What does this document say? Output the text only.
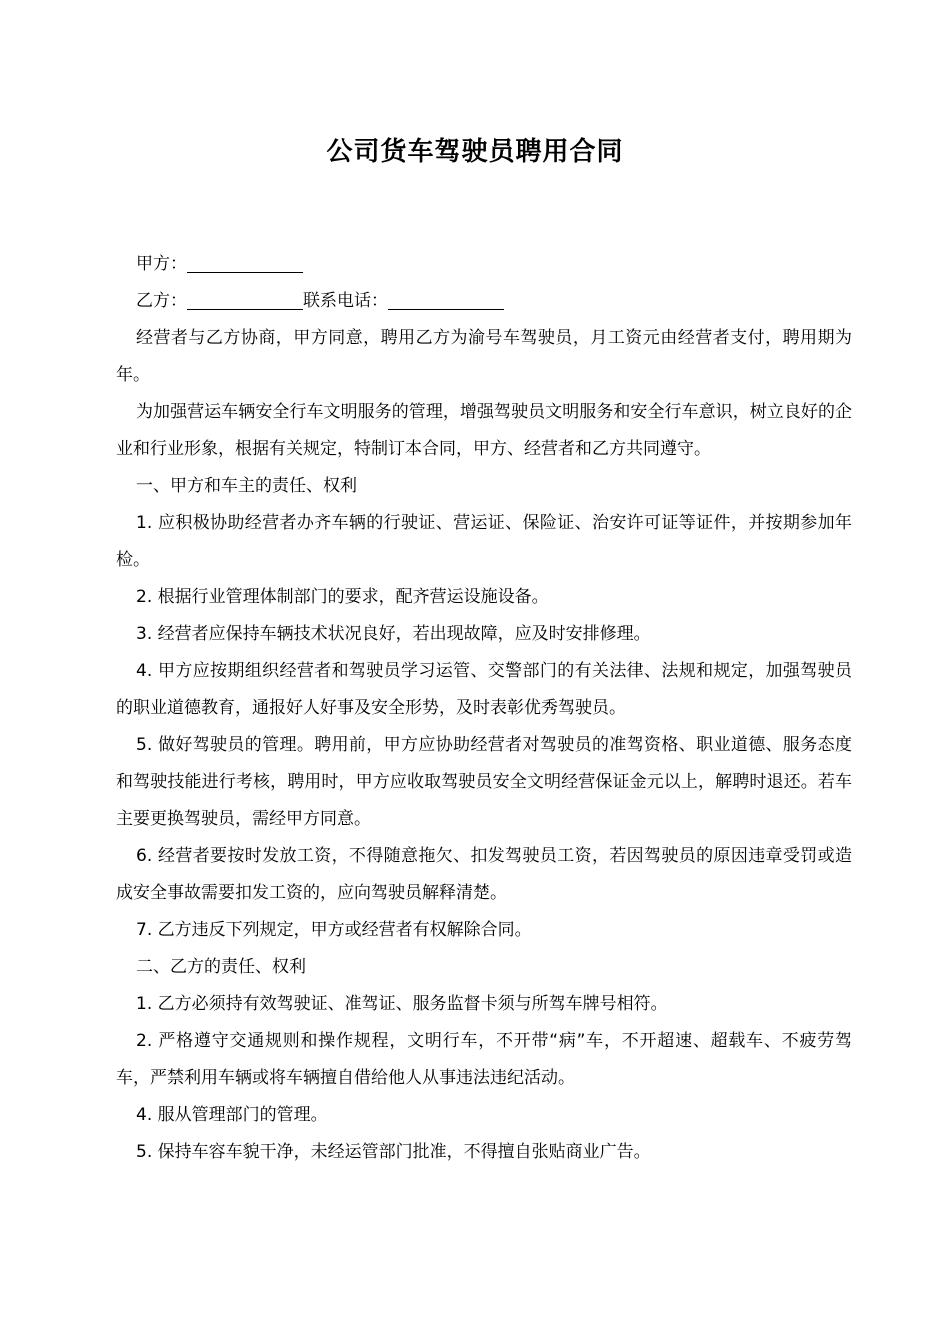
公司货车驾驶员聘用合同

甲方：

乙方：	联系电话：

经营者与乙方协商，甲方同意，聘用乙方为渝号车驾驶员，月工资元由经营者支付，聘用期为年。

为加强营运车辆安全行车文明服务的管理，增强驾驶员文明服务和安全行车意识，树立良好的企业和行业形象，根据有关规定，特制订本合同，甲方、经营者和乙方共同遵守。

一、甲方和车主的责任、权利

1. 应积极协助经营者办齐车辆的行驶证、营运证、保险证、治安许可证等证件，并按期参加年检。

2. 根据行业管理体制部门的要求，配齐营运设施设备。

3. 经营者应保持车辆技术状况良好，若出现故障，应及时安排修理。

4. 甲方应按期组织经营者和驾驶员学习运管、交警部门的有关法律、法规和规定，加强驾驶员的职业道德教育，通报好人好事及安全形势，及时表彰优秀驾驶员。

5. 做好驾驶员的管理。聘用前，甲方应协助经营者对驾驶员的准驾资格、职业道德、服务态度和驾驶技能进行考核，聘用时，甲方应收取驾驶员安全文明经营保证金元以上，解聘时退还。若车主要更换驾驶员，需经甲方同意。

6. 经营者要按时发放工资，不得随意拖欠、扣发驾驶员工资，若因驾驶员的原因违章受罚或造成安全事故需要扣发工资的，应向驾驶员解释清楚。

7. 乙方违反下列规定，甲方或经营者有权解除合同。

二、乙方的责任、权利

1. 乙方必须持有效驾驶证、准驾证、服务监督卡须与所驾车牌号相符。

2. 严格遵守交通规则和操作规程，文明行车，不开带“病”车，不开超速、超载车、不疲劳驾车，严禁利用车辆或将车辆擅自借给他人从事违法违纪活动。

4. 服从管理部门的管理。

5. 保持车容车貌干净，未经运管部门批准，不得擅自张贴商业广告。
